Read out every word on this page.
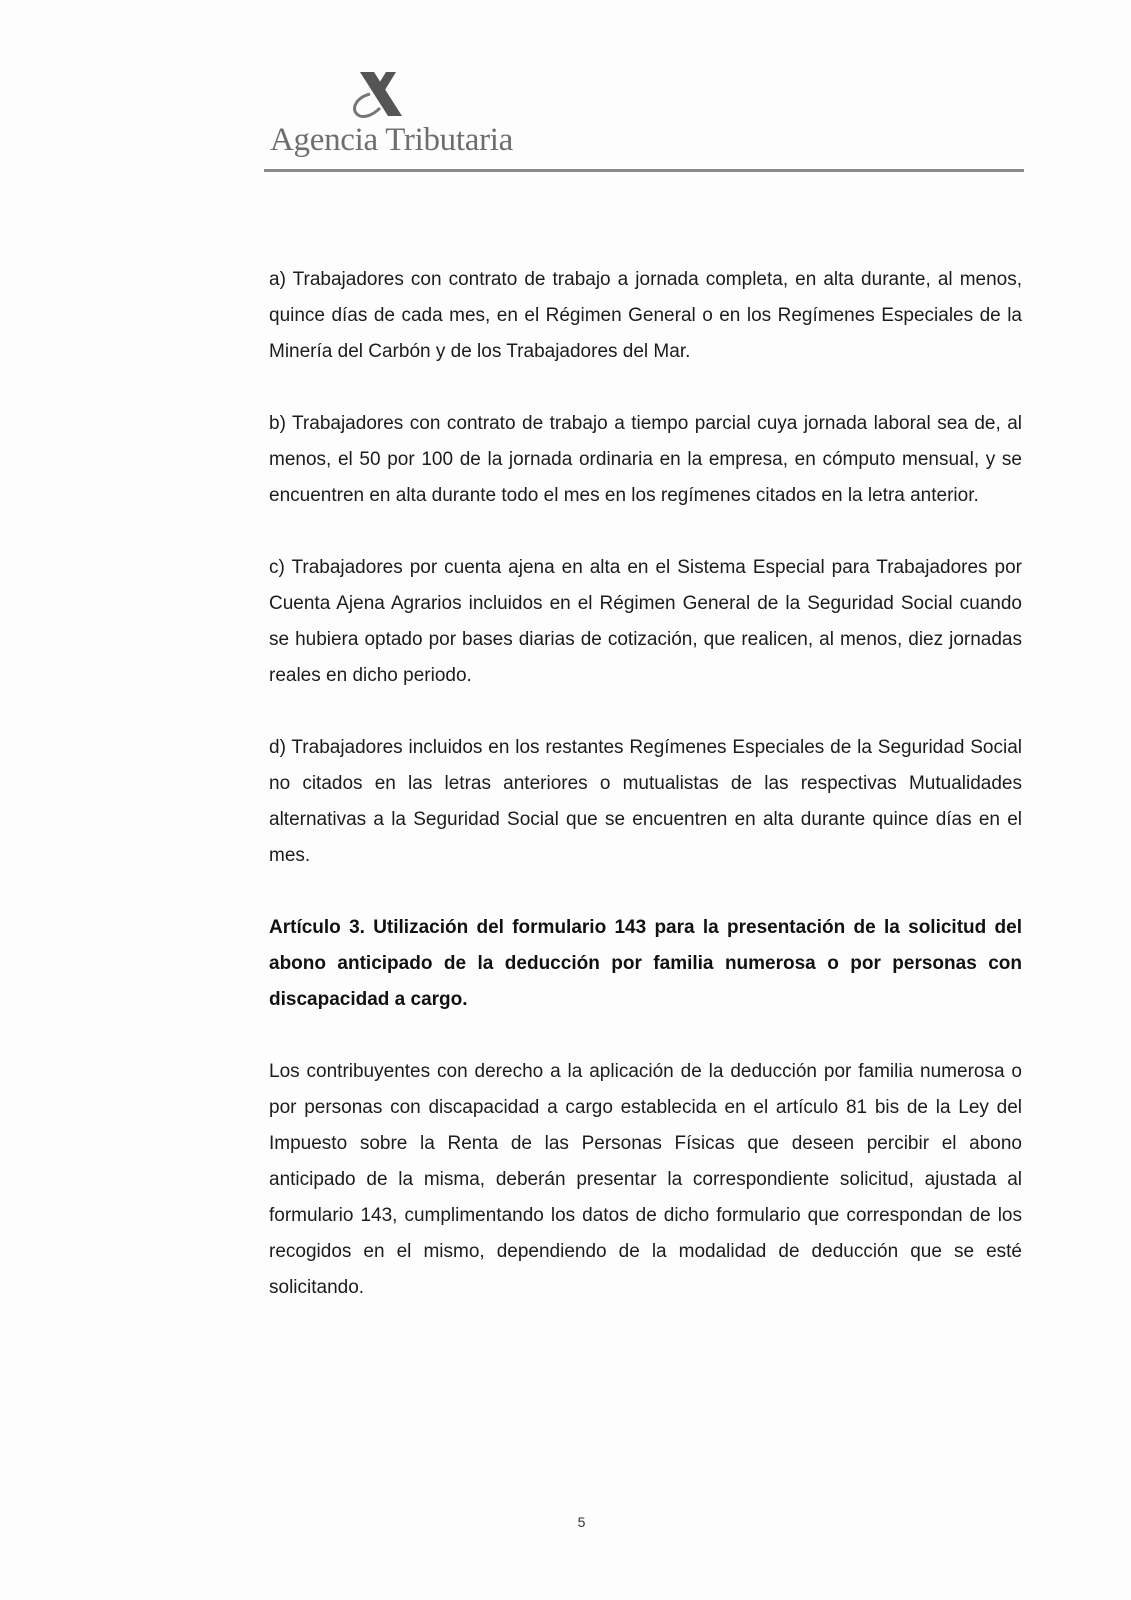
Agencia Tributaria

a) Trabajadores con contrato de trabajo a jornada completa, en alta durante, al menos, quince días de cada mes, en el Régimen General o en los Regímenes Especiales de la Minería del Carbón y de los Trabajadores del Mar.

b) Trabajadores con contrato de trabajo a tiempo parcial cuya jornada laboral sea de, al menos, el 50 por 100 de la jornada ordinaria en la empresa, en cómputo mensual, y se encuentren en alta durante todo el mes en los regímenes citados en la letra anterior.

c) Trabajadores por cuenta ajena en alta en el Sistema Especial para Trabajadores por Cuenta Ajena Agrarios incluidos en el Régimen General de la Seguridad Social cuando se hubiera optado por bases diarias de cotización, que realicen, al menos, diez jornadas reales en dicho periodo.

d) Trabajadores incluidos en los restantes Regímenes Especiales de la Seguridad Social no citados en las letras anteriores o mutualistas de las respectivas Mutualidades alternativas a la Seguridad Social que se encuentren en alta durante quince días en el mes.

Artículo 3. Utilización del formulario 143 para la presentación de la solicitud del abono anticipado de la deducción por familia numerosa o por personas con discapacidad a cargo.

Los contribuyentes con derecho a la aplicación de la deducción por familia numerosa o por personas con discapacidad a cargo establecida en el artículo 81 bis de la Ley del Impuesto sobre la Renta de las Personas Físicas que deseen percibir el abono anticipado de la misma, deberán presentar la correspondiente solicitud, ajustada al formulario 143, cumplimentando los datos de dicho formulario que correspondan de los recogidos en el mismo, dependiendo de la modalidad de deducción que se esté solicitando.

5
